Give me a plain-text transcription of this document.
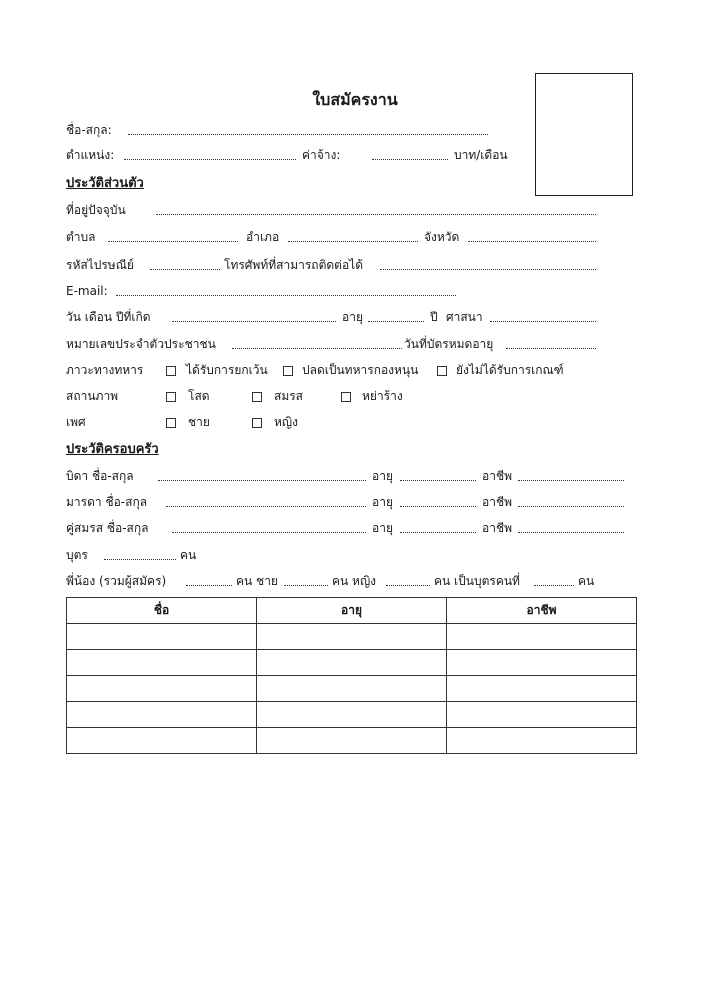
ใบสมัครงาน
ชื่อ-สกุล:
ตำแหน่ง:	ค่าจ้าง:	บาท/เดือน
ประวัติส่วนตัว
ที่อยู่ปัจจุบัน
ตำบล	อำเภอ	จังหวัด
รหัสไปรษณีย์	โทรศัพท์ที่สามารถติดต่อได้
E-mail:
วัน เดือน ปีที่เกิด	อายุ	ปี ศาสนา
หมายเลขประจำตัวประชาชน	วันที่บัตรหมดอายุ
ภาวะทางทหาร	ได้รับการยกเว้น	ปลดเป็นทหารกองหนุน	ยังไม่ได้รับการเกณฑ์
สถานภาพ	โสด	สมรส	หย่าร้าง
เพศ	ชาย	หญิง
ประวัติครอบครัว
บิดา ชื่อ-สกุล	อายุ	อาชีพ
มารดา ชื่อ-สกุล	อายุ	อาชีพ
คู่สมรส ชื่อ-สกุล	อายุ	อาชีพ
บุตร	คน
พี่น้อง (รวมผู้สมัคร)	คน ชาย	คน หญิง	คน เป็นบุตรคนที่	คน
ชื่อ	อายุ	อาชีพ
